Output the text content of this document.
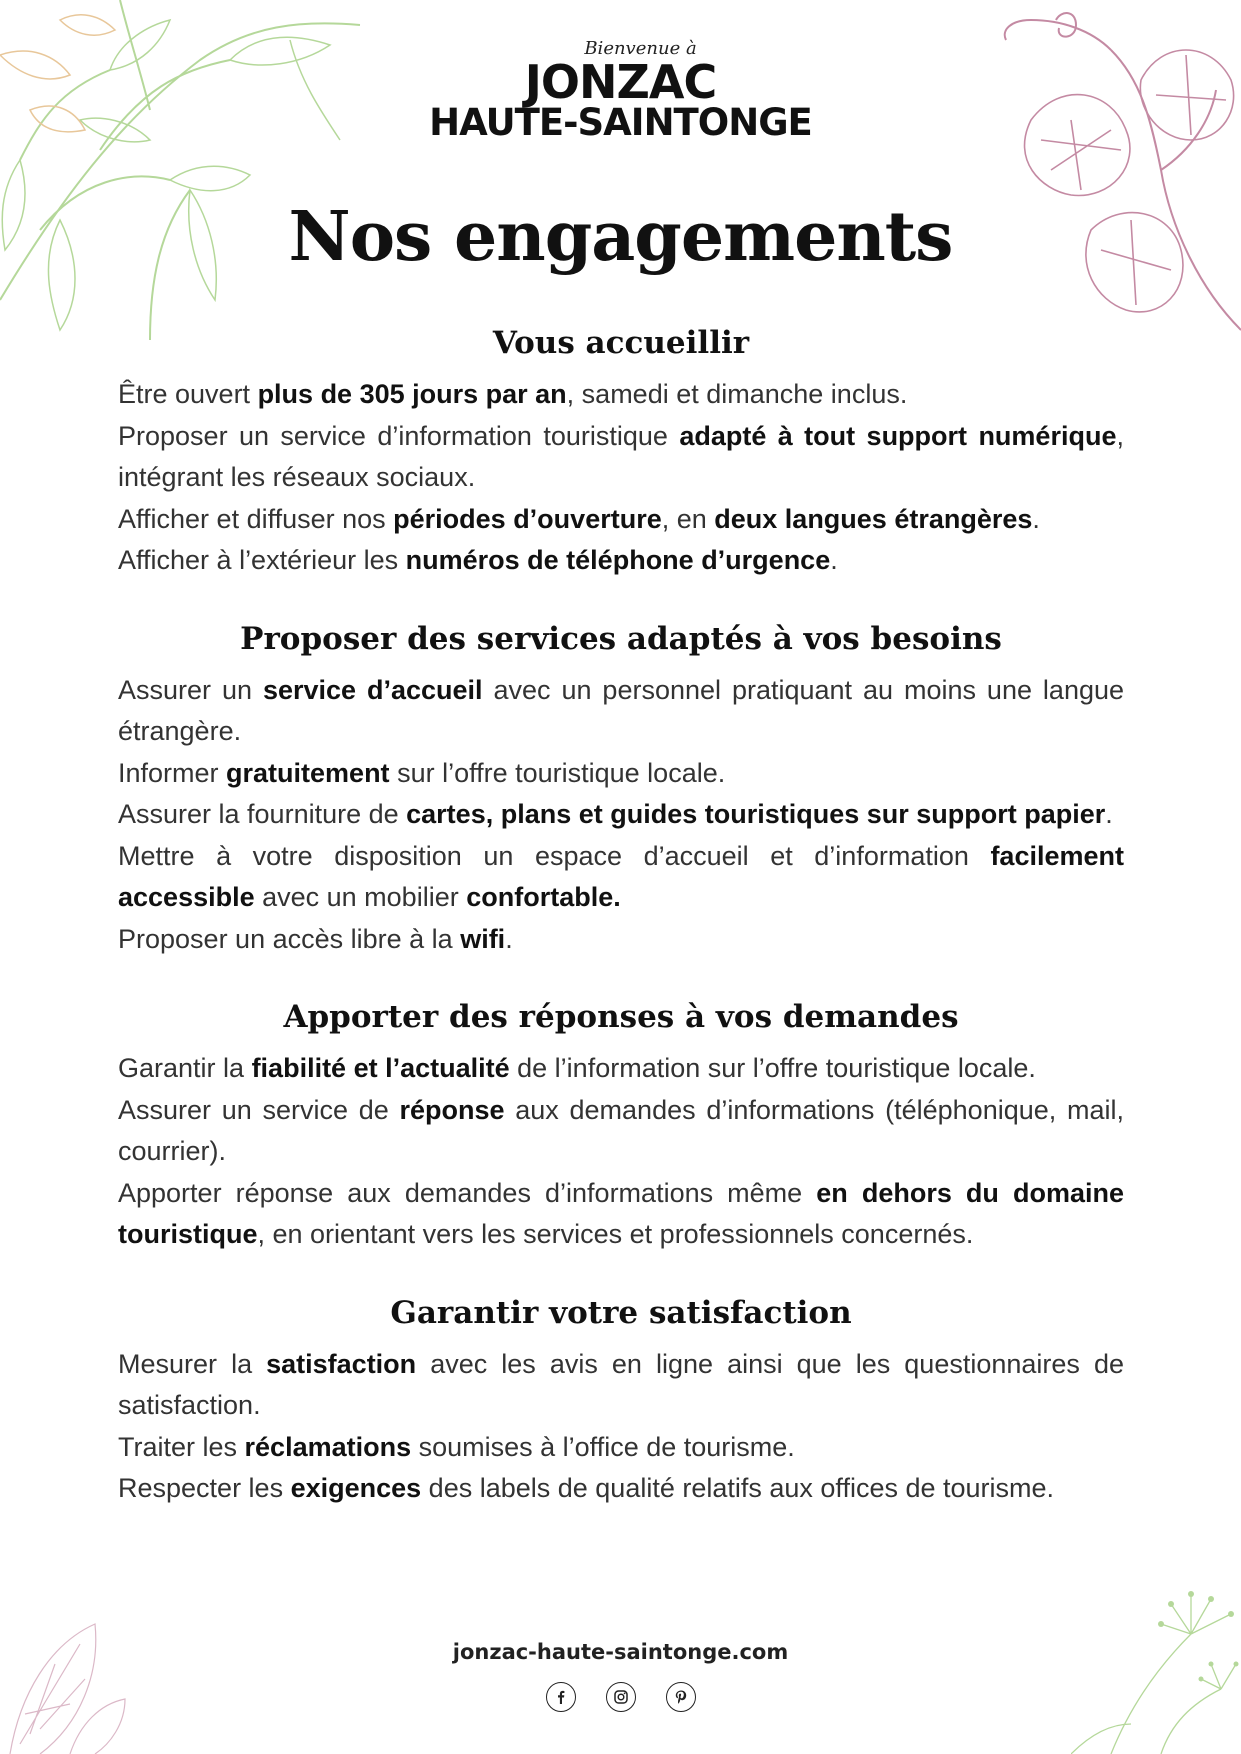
Bienvenue à
JONZAC
HAUTE-SAINTONGE
Nos engagements
Vous accueillir

Être ouvert plus de 305 jours par an, samedi et dimanche inclus.

Proposer un service d’information touristique adapté à tout support numérique, intégrant les réseaux sociaux.

Afficher et diffuser nos périodes d’ouverture, en deux langues étrangères.

Afficher à l’extérieur les numéros de téléphone d’urgence.

Proposer des services adaptés à vos besoins

Assurer un service d’accueil avec un personnel pratiquant au moins une langue étrangère.

Informer gratuitement sur l’offre touristique locale.

Assurer la fourniture de cartes, plans et guides touristiques sur support papier.

Mettre à votre disposition un espace d’accueil et d’information facilement accessible avec un mobilier confortable.

Proposer un accès libre à la wifi.

Apporter des réponses à vos demandes

Garantir la fiabilité et l’actualité de l’information sur l’offre touristique locale.

Assurer un service de réponse aux demandes d’informations (téléphonique, mail, courrier).

Apporter réponse aux demandes d’informations même en dehors du domaine touristique, en orientant vers les services et professionnels concernés.

Garantir votre satisfaction

Mesurer la satisfaction avec les avis en ligne ainsi que les questionnaires de satisfaction.

Traiter les réclamations soumises à l’office de tourisme.

Respecter les exigences des labels de qualité relatifs aux offices de tourisme.

jonzac-haute-saintonge.com
